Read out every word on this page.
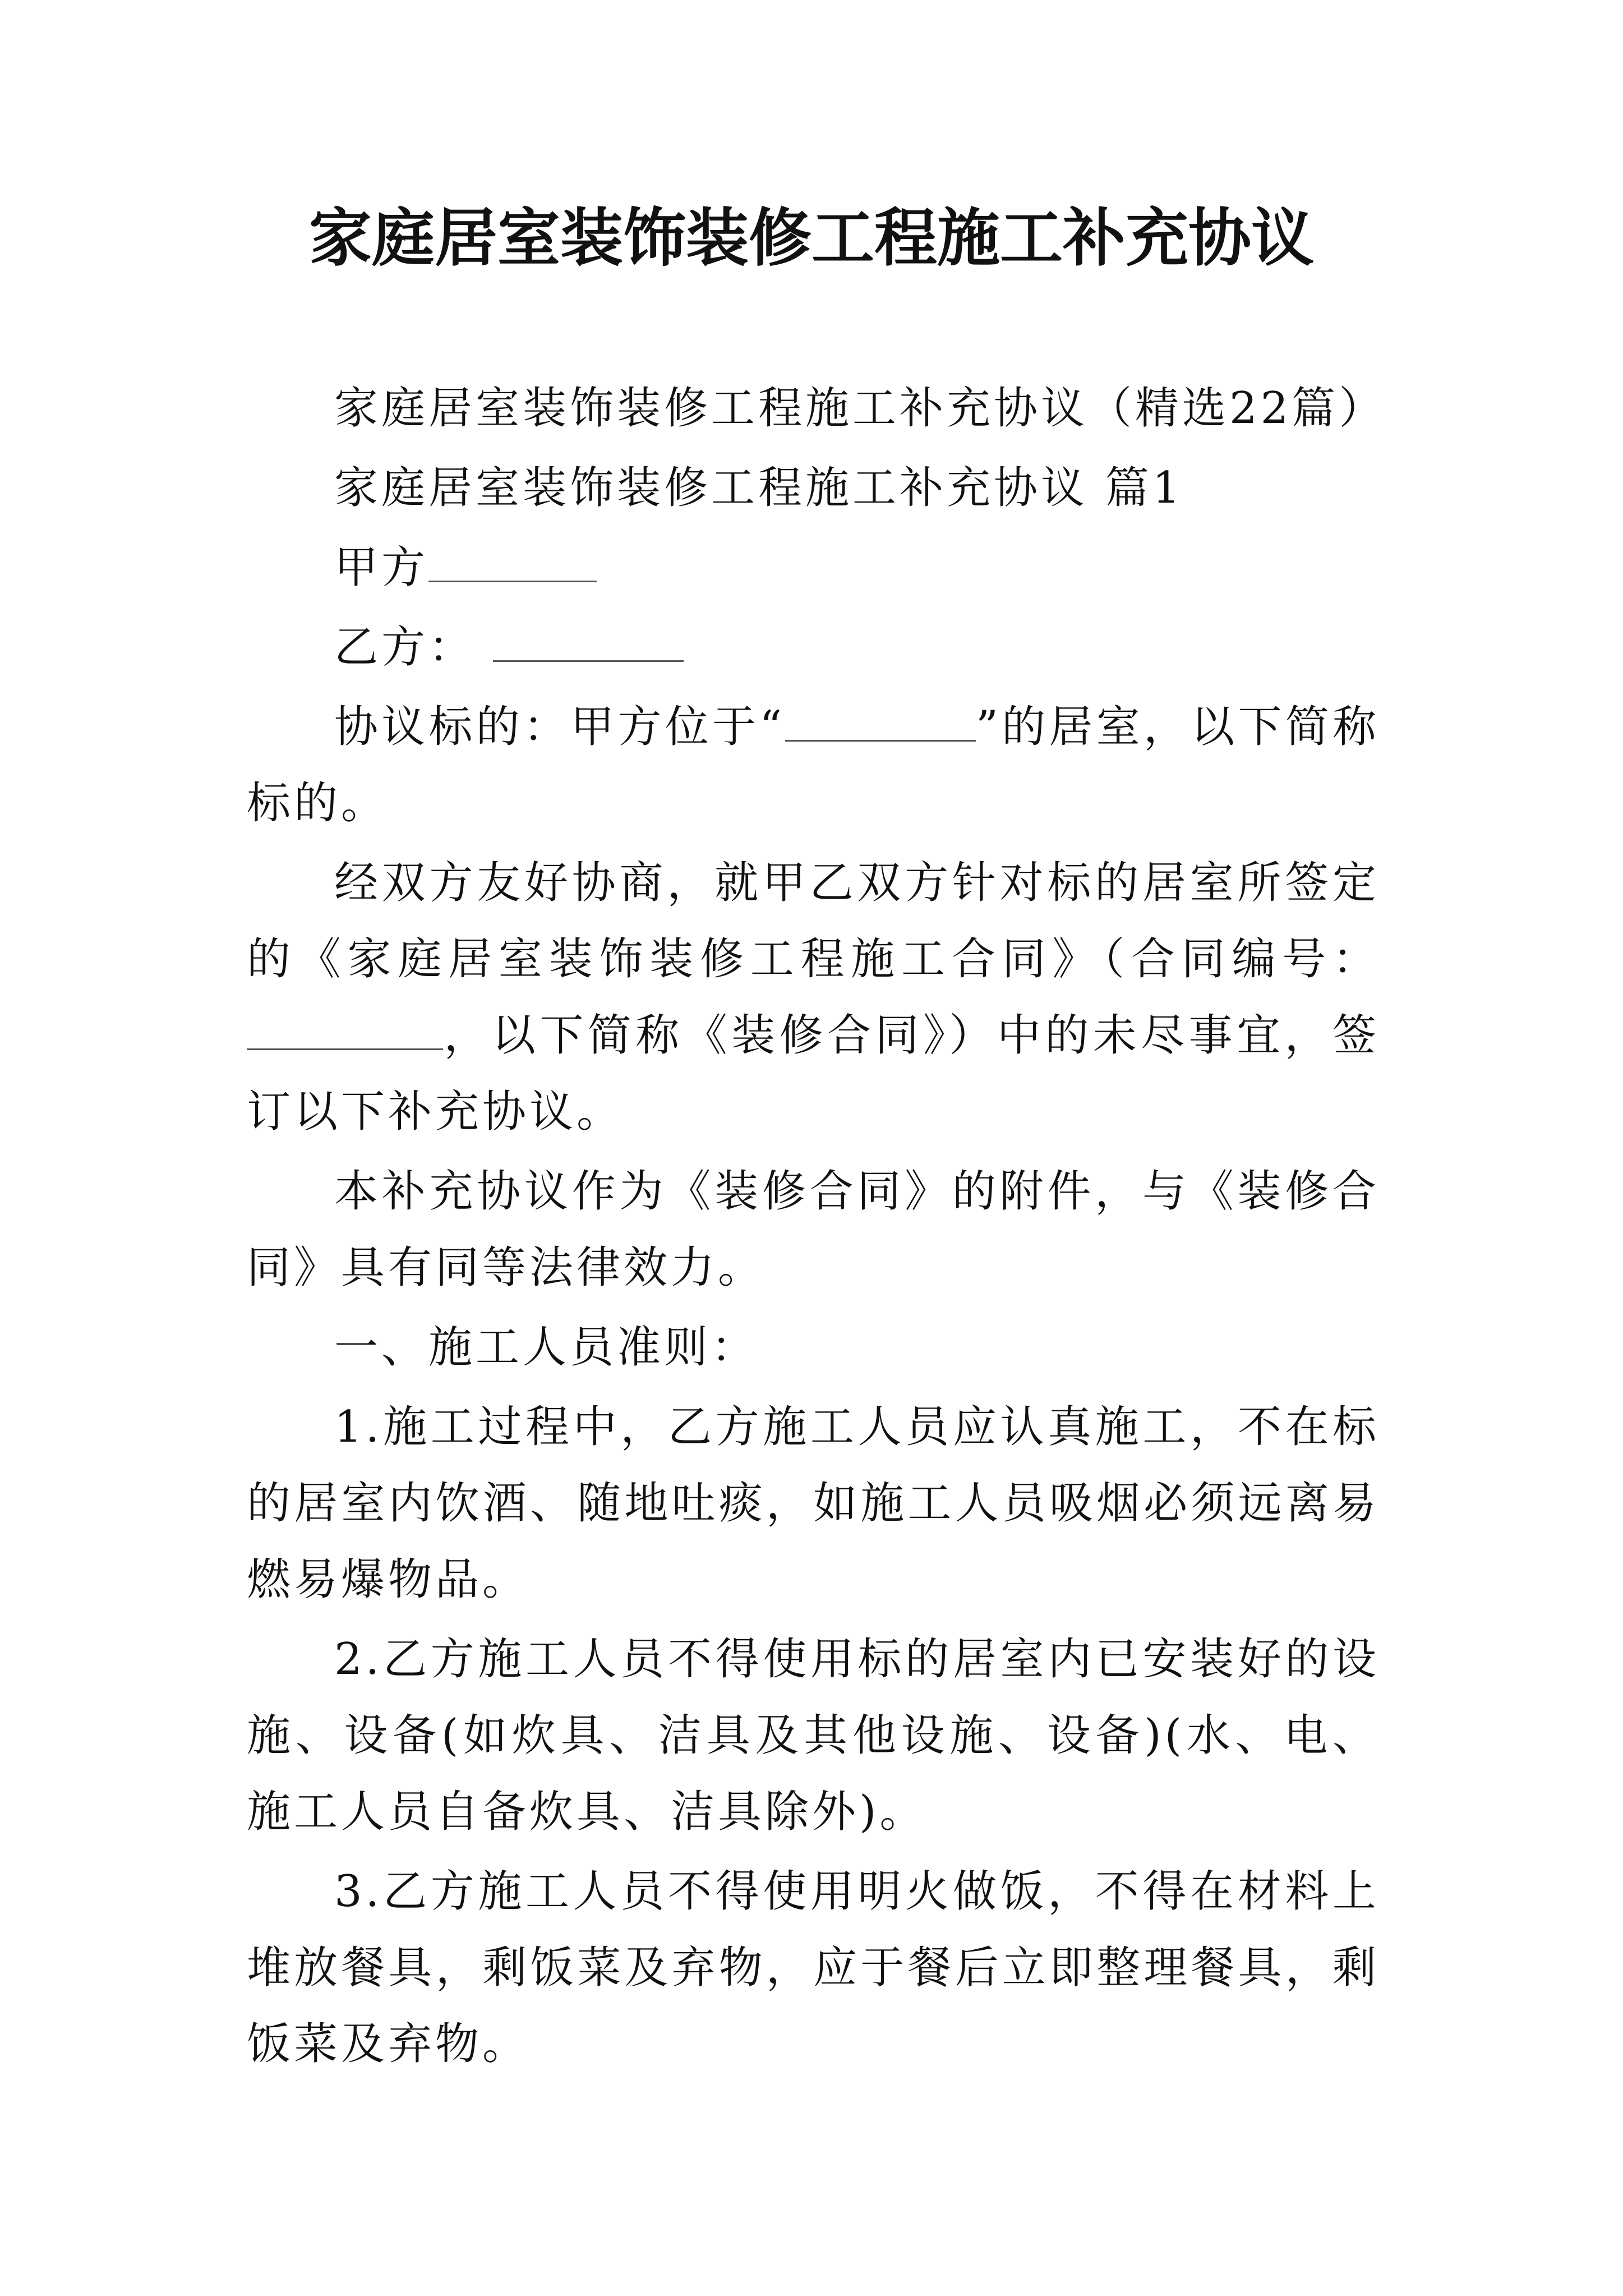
家庭居室装饰装修工程施工补充协议

家庭居室装饰装修工程施工补充协议（精选22篇）

家庭居室装饰装修工程施工补充协议 篇1

甲方

乙方：

协议标的：甲方位于“	”的居室，以下简称标的。

经双方友好协商，就甲乙双方针对标的居室所签定的《家庭居室装饰装修工程施工合同》（合同编号：，以下简称《装修合同》）中的未尽事宜，签订以下补充协议。

本补充协议作为《装修合同》的附件，与《装修合同》具有同等法律效力。

一、施工人员准则：

1.施工过程中，乙方施工人员应认真施工，不在标的居室内饮酒、随地吐痰，如施工人员吸烟必须远离易燃易爆物品。

2.乙方施工人员不得使用标的居室内已安装好的设施、设备(如炊具、洁具及其他设施、设备)(水、电、施工人员自备炊具、洁具除外)。

3.乙方施工人员不得使用明火做饭，不得在材料上堆放餐具，剩饭菜及弃物，应于餐后立即整理餐具，剩饭菜及弃物。
